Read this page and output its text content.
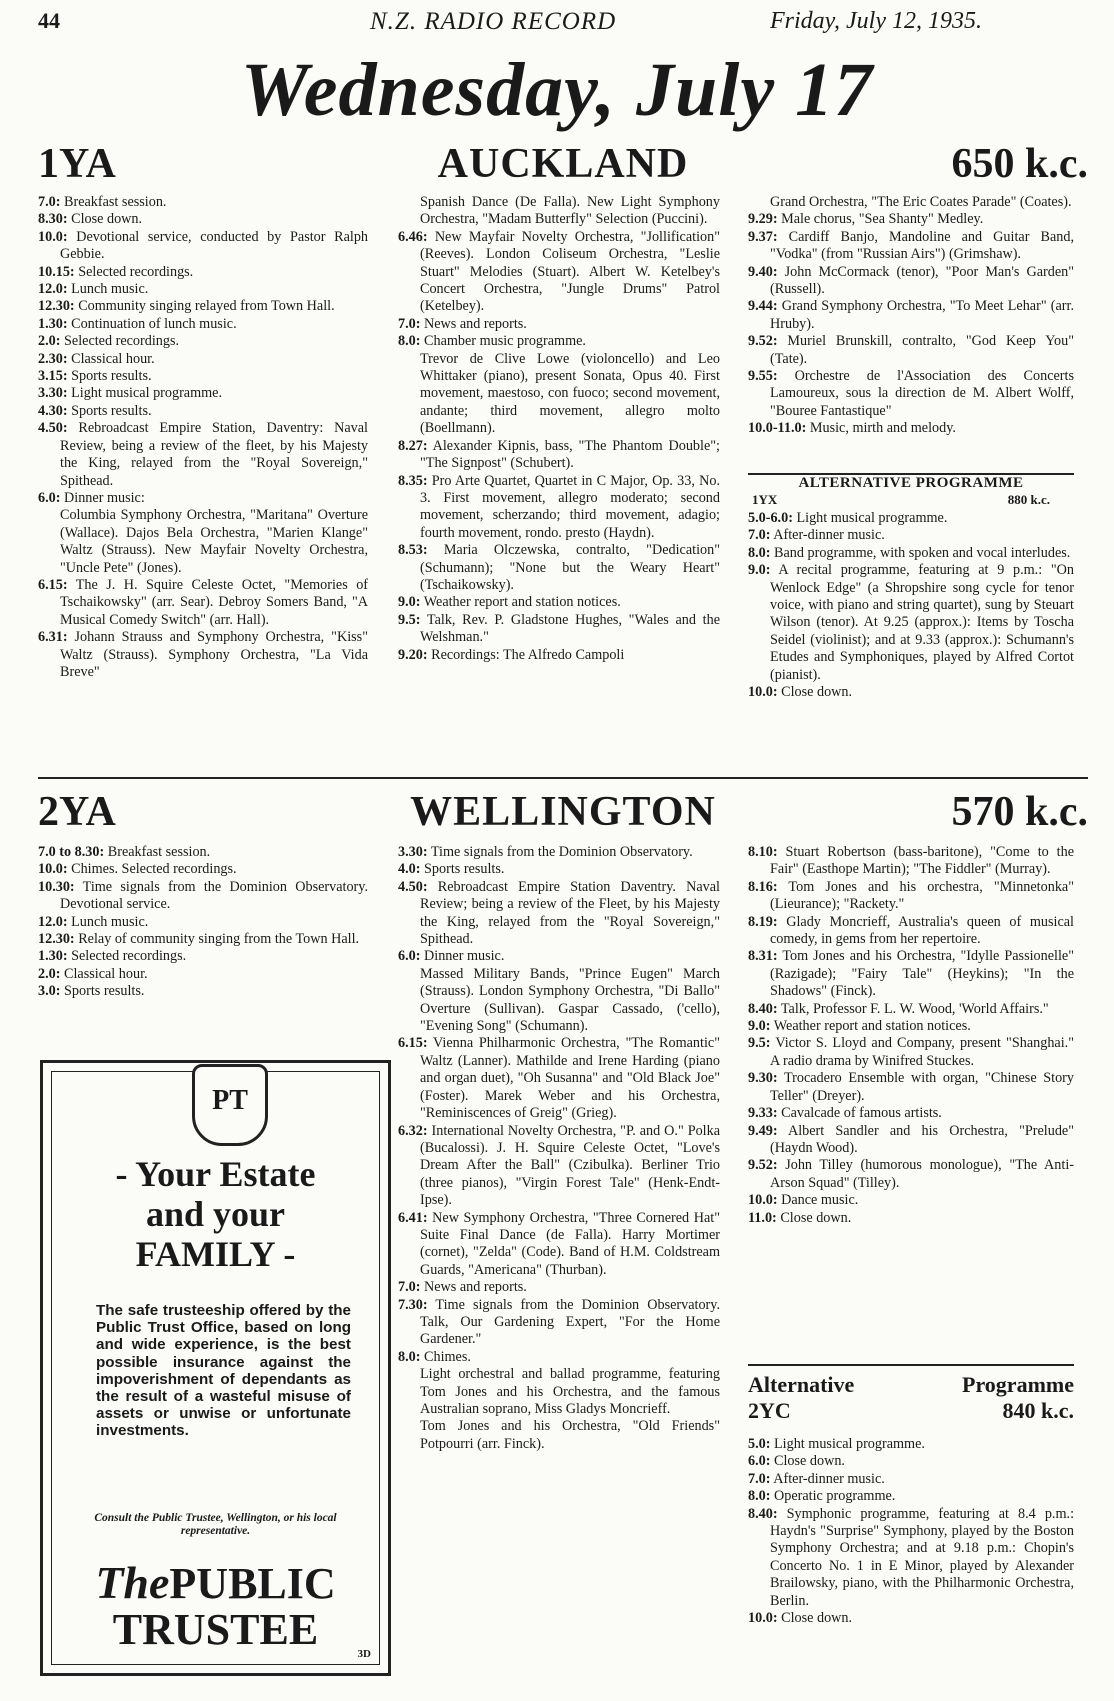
44	N.Z. RADIO RECORD	Friday, July 12, 1935.
Wednesday, July 17
1YA	AUCKLAND	650 k.c.

7.0: Breakfast session.

8.30: Close down.

10.0: Devotional service, conducted by Pastor Ralph Gebbie.

10.15: Selected recordings.

12.0: Lunch music.

12.30: Community singing relayed from Town Hall.

1.30: Continuation of lunch music.

2.0: Selected recordings.

2.30: Classical hour.

3.15: Sports results.

3.30: Light musical programme.

4.30: Sports results.

4.50: Rebroadcast Empire Station, Daventry: Naval Review, being a review of the fleet, by his Majesty the King, relayed from the "Royal Sovereign," Spithead.

6.0: Dinner music:

Columbia Symphony Orchestra, "Maritana" Overture (Wallace). Dajos Bela Orchestra, "Marien Klange" Waltz (Strauss). New Mayfair Novelty Orchestra, "Uncle Pete" (Jones).

6.15: The J. H. Squire Celeste Octet, "Memories of Tschaikowsky" (arr. Sear). Debroy Somers Band, "A Musical Comedy Switch" (arr. Hall).

6.31: Johann Strauss and Symphony Orchestra, "Kiss" Waltz (Strauss). Symphony Orchestra, "La Vida Breve"

Spanish Dance (De Falla). New Light Symphony Orchestra, "Madam Butterfly" Selection (Puccini).

6.46: New Mayfair Novelty Orchestra, "Jollification" (Reeves). London Coliseum Orchestra, "Leslie Stuart" Melodies (Stuart). Albert W. Ketelbey's Concert Orchestra, "Jungle Drums" Patrol (Ketelbey).

7.0: News and reports.

8.0: Chamber music programme.

Trevor de Clive Lowe (violoncello) and Leo Whittaker (piano), present Sonata, Opus 40. First movement, maestoso, con fuoco; second movement, andante; third movement, allegro molto (Boellmann).

8.27: Alexander Kipnis, bass, "The Phantom Double"; "The Signpost" (Schubert).

8.35: Pro Arte Quartet, Quartet in C Major, Op. 33, No. 3. First movement, allegro moderato; second movement, scherzando; third movement, adagio; fourth movement, rondo. presto (Haydn).

8.53: Maria Olczewska, contralto, "Dedication" (Schumann); "None but the Weary Heart" (Tschaikowsky).

9.0: Weather report and station notices.

9.5: Talk, Rev. P. Gladstone Hughes, "Wales and the Welshman."

9.20: Recordings: The Alfredo Campoli

Grand Orchestra, "The Eric Coates Parade" (Coates).

9.29: Male chorus, "Sea Shanty" Medley.

9.37: Cardiff Banjo, Mandoline and Guitar Band, "Vodka" (from "Russian Airs") (Grimshaw).

9.40: John McCormack (tenor), "Poor Man's Garden" (Russell).

9.44: Grand Symphony Orchestra, "To Meet Lehar" (arr. Hruby).

9.52: Muriel Brunskill, contralto, "God Keep You" (Tate).

9.55: Orchestre de l'Association des Concerts Lamoureux, sous la direction de M. Albert Wolff, "Bouree Fantastique"

10.0-11.0: Music, mirth and melody.

ALTERNATIVE PROGRAMME
1YX	880 k.c.

5.0-6.0: Light musical programme.

7.0: After-dinner music.

8.0: Band programme, with spoken and vocal interludes.

9.0: A recital programme, featuring at 9 p.m.: "On Wenlock Edge" (a Shropshire song cycle for tenor voice, with piano and string quartet), sung by Steuart Wilson (tenor). At 9.25 (approx.): Items by Toscha Seidel (violinist); and at 9.33 (approx.): Schumann's Etudes and Symphoniques, played by Alfred Cortot (pianist).

10.0: Close down.

2YA	WELLINGTON	570 k.c.

7.0 to 8.30: Breakfast session.

10.0: Chimes. Selected recordings.

10.30: Time signals from the Dominion Observatory. Devotional service.

12.0: Lunch music.

12.30: Relay of community singing from the Town Hall.

1.30: Selected recordings.

2.0: Classical hour.

3.0: Sports results.

3.30: Time signals from the Dominion Observatory.

4.0: Sports results.

4.50: Rebroadcast Empire Station Daventry. Naval Review; being a review of the Fleet, by his Majesty the King, relayed from the "Royal Sovereign," Spithead.

6.0: Dinner music.

Massed Military Bands, "Prince Eugen" March (Strauss). London Symphony Orchestra, "Di Ballo" Overture (Sullivan). Gaspar Cassado, ('cello), "Evening Song" (Schumann).

6.15: Vienna Philharmonic Orchestra, "The Romantic" Waltz (Lanner). Mathilde and Irene Harding (piano and organ duet), "Oh Susanna" and "Old Black Joe" (Foster). Marek Weber and his Orchestra, "Reminiscences of Greig" (Grieg).

6.32: International Novelty Orchestra, "P. and O." Polka (Bucalossi). J. H. Squire Celeste Octet, "Love's Dream After the Ball" (Czibulka). Berliner Trio (three pianos), "Virgin Forest Tale" (Henk-Endt-Ipse).

6.41: New Symphony Orchestra, "Three Cornered Hat" Suite Final Dance (de Falla). Harry Mortimer (cornet), "Zelda" (Code). Band of H.M. Coldstream Guards, "Americana" (Thurban).

7.0: News and reports.

7.30: Time signals from the Dominion Observatory. Talk, Our Gardening Expert, "For the Home Gardener."

8.0: Chimes.

Light orchestral and ballad programme, featuring Tom Jones and his Orchestra, and the famous Australian soprano, Miss Gladys Moncrieff.

Tom Jones and his Orchestra, "Old Friends" Potpourri (arr. Finck).

8.10: Stuart Robertson (bass-baritone), "Come to the Fair" (Easthope Martin); "The Fiddler" (Murray).

8.16: Tom Jones and his orchestra, "Minnetonka" (Lieurance); "Rackety."

8.19: Glady Moncrieff, Australia's queen of musical comedy, in gems from her repertoire.

8.31: Tom Jones and his Orchestra, "Idylle Passionelle" (Razigade); "Fairy Tale" (Heykins); "In the Shadows" (Finck).

8.40: Talk, Professor F. L. W. Wood, 'World Affairs."

9.0: Weather report and station notices.

9.5: Victor S. Lloyd and Company, present "Shanghai." A radio drama by Winifred Stuckes.

9.30: Trocadero Ensemble with organ, "Chinese Story Teller" (Dreyer).

9.33: Cavalcade of famous artists.

9.49: Albert Sandler and his Orchestra, "Prelude" (Haydn Wood).

9.52: John Tilley (humorous monologue), "The Anti-Arson Squad" (Tilley).

10.0: Dance music.

11.0: Close down.

Alternative	Programme
2YC	840 k.c.

5.0: Light musical programme.

6.0: Close down.

7.0: After-dinner music.

8.0: Operatic programme.

8.40: Symphonic programme, featuring at 8.4 p.m.: Haydn's "Surprise" Symphony, played by the Boston Symphony Orchestra; and at 9.18 p.m.: Chopin's Concerto No. 1 in E Minor, played by Alexander Brailowsky, piano, with the Philharmonic Orchestra, Berlin.

10.0: Close down.

PT
- Your Estate
and your
FAMILY -
The safe trusteeship offered by the Public Trust Office, based on long and wide experience, is the best possible insurance against the impoverishment of dependants as the result of a wasteful misuse of assets or unwise or unfortunate investments.
Consult the Public Trustee, Wellington, or his local representative.
ThePUBLIC
TRUSTEE	3D
